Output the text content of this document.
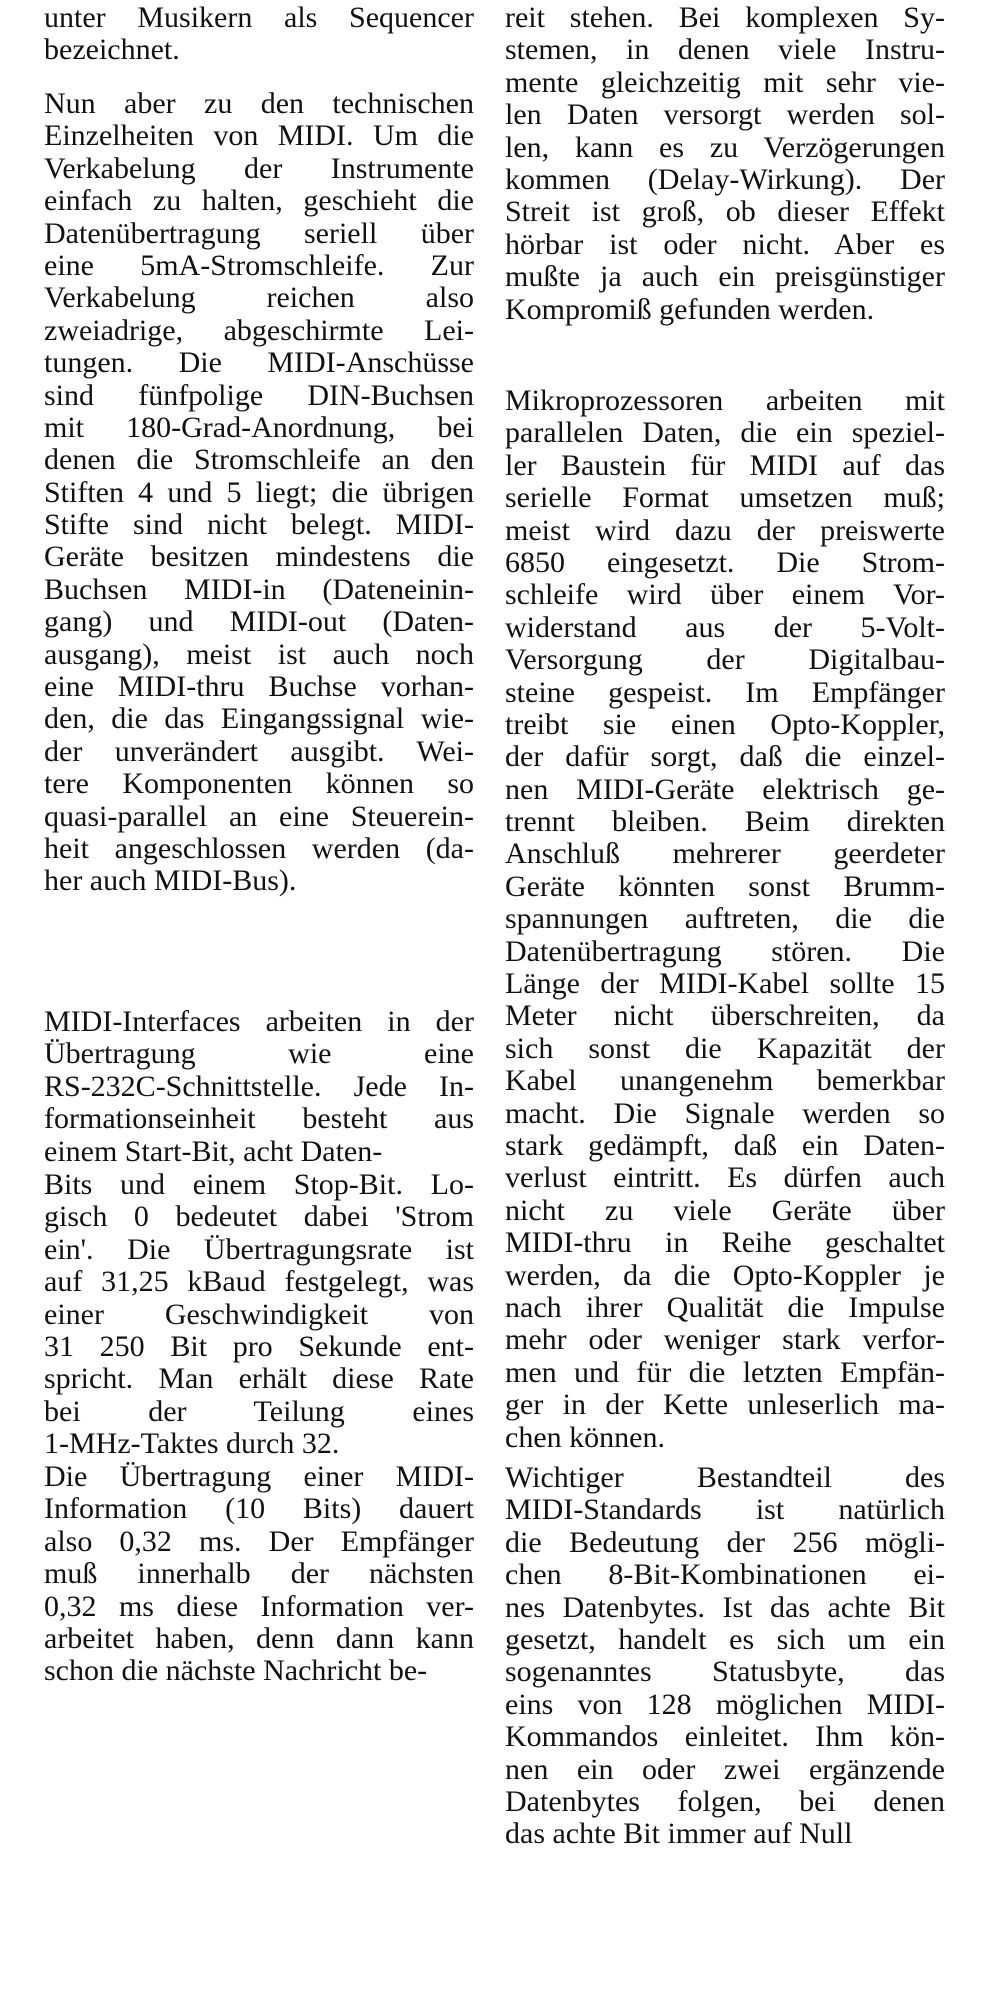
unter Musikern als Sequencer
bezeichnet.
Nun aber zu den technischen
Einzelheiten von MIDI. Um die
Verkabelung der Instrumente
einfach zu halten, geschieht die
Datenübertragung seriell über
eine 5mA-Stromschleife. Zur
Verkabelung reichen also
zweiadrige, abgeschirmte Lei-
tungen. Die MIDI-Anschüsse
sind fünfpolige DIN-Buchsen
mit 180-Grad-Anordnung, bei
denen die Stromschleife an den
Stiften 4 und 5 liegt; die übrigen
Stifte sind nicht belegt. MIDI-
Geräte besitzen mindestens die
Buchsen MIDI-in (Dateneinin-
gang) und MIDI-out (Daten-
ausgang), meist ist auch noch
eine MIDI-thru Buchse vorhan-
den, die das Eingangssignal wie-
der unverändert ausgibt. Wei-
tere Komponenten können so
quasi-parallel an eine Steuerein-
heit angeschlossen werden (da-
her auch MIDI-Bus).
MIDI-Interfaces arbeiten in der
Übertragung wie eine
RS-232C-Schnittstelle. Jede In-
formationseinheit besteht aus
einem Start-Bit, acht Daten-
Bits und einem Stop-Bit. Lo-
gisch 0 bedeutet dabei 'Strom
ein'. Die Übertragungsrate ist
auf 31,25 kBaud festgelegt, was
einer Geschwindigkeit von
31 250 Bit pro Sekunde ent-
spricht. Man erhält diese Rate
bei der Teilung eines
1-MHz-Taktes durch 32.
Die Übertragung einer MIDI-
Information (10 Bits) dauert
also 0,32 ms. Der Empfänger
muß innerhalb der nächsten
0,32 ms diese Information ver-
arbeitet haben, denn dann kann
schon die nächste Nachricht be-
reit stehen. Bei komplexen Sy-
stemen, in denen viele Instru-
mente gleichzeitig mit sehr vie-
len Daten versorgt werden sol-
len, kann es zu Verzögerungen
kommen (Delay-Wirkung). Der
Streit ist groß, ob dieser Effekt
hörbar ist oder nicht. Aber es
mußte ja auch ein preisgünstiger
Kompromiß gefunden werden.
Mikroprozessoren arbeiten mit
parallelen Daten, die ein speziel-
ler Baustein für MIDI auf das
serielle Format umsetzen muß;
meist wird dazu der preiswerte
6850 eingesetzt. Die Strom-
schleife wird über einem Vor-
widerstand aus der 5-Volt-
Versorgung der Digitalbau-
steine gespeist. Im Empfänger
treibt sie einen Opto-Koppler,
der dafür sorgt, daß die einzel-
nen MIDI-Geräte elektrisch ge-
trennt bleiben. Beim direkten
Anschluß mehrerer geerdeter
Geräte könnten sonst Brumm-
spannungen auftreten, die die
Datenübertragung stören. Die
Länge der MIDI-Kabel sollte 15
Meter nicht überschreiten, da
sich sonst die Kapazität der
Kabel unangenehm bemerkbar
macht. Die Signale werden so
stark gedämpft, daß ein Daten-
verlust eintritt. Es dürfen auch
nicht zu viele Geräte über
MIDI-thru in Reihe geschaltet
werden, da die Opto-Koppler je
nach ihrer Qualität die Impulse
mehr oder weniger stark verfor-
men und für die letzten Empfän-
ger in der Kette unleserlich ma-
chen können.
Wichtiger Bestandteil des
MIDI-Standards ist natürlich
die Bedeutung der 256 mögli-
chen 8-Bit-Kombinationen ei-
nes Datenbytes. Ist das achte Bit
gesetzt, handelt es sich um ein
sogenanntes Statusbyte, das
eins von 128 möglichen MIDI-
Kommandos einleitet. Ihm kön-
nen ein oder zwei ergänzende
Datenbytes folgen, bei denen
das achte Bit immer auf Null
